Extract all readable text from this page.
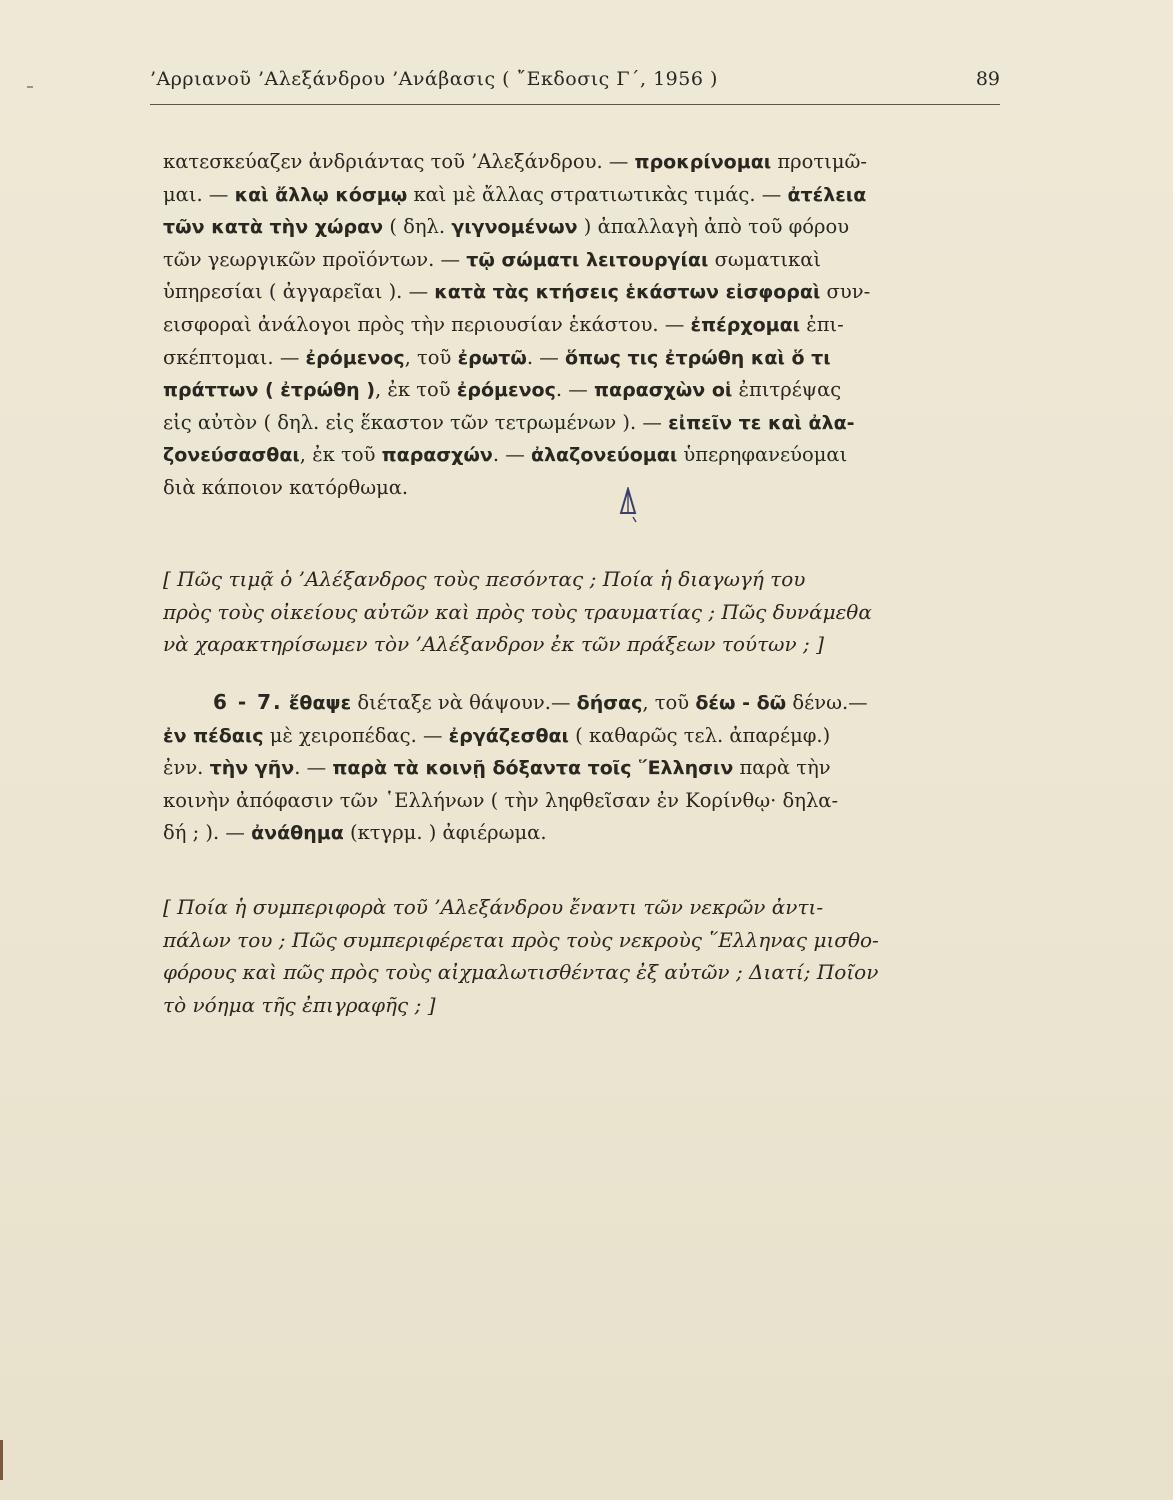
’Αρριανοῦ ’Αλεξάνδρου ’Ανάβασις ( ῎Εκδοσις Γ΄, 1956 )	89
κατεσκεύαζεν ἀνδριάντας τοῦ ’Αλεξάνδρου. — προκρίνομαι προτιμῶ-
μαι. — καὶ ἄλλῳ κόσμῳ καὶ μὲ ἄλλας στρατιωτικὰς τιμάς. — ἀτέλεια
τῶν κατὰ τὴν χώραν ( δηλ. γιγνομένων ) ἀπαλλαγὴ ἀπὸ τοῦ φόρου
τῶν γεωργικῶν προϊόντων. — τῷ σώματι λειτουργίαι σωματικαὶ
ὑπηρεσίαι ( ἀγγαρεῖαι ). — κατὰ τὰς κτήσεις ἑκάστων εἰσφοραὶ συν-
εισφοραὶ ἀνάλογοι πρὸς τὴν περιουσίαν ἑκάστου. — ἐπέρχομαι ἐπι-
σκέπτομαι. — ἐρόμενος, τοῦ ἐρωτῶ. — ὅπως τις ἐτρώθη καὶ ὅ τι
πράττων ( ἐτρώθη ), ἐκ τοῦ ἐρόμενος. — παρασχὼν οἱ ἐπιτρέψας
εἰς αὐτὸν ( δηλ. εἰς ἕκαστον τῶν τετρωμένων ). — εἰπεῖν τε καὶ ἀλα-
ζονεύσασθαι, ἐκ τοῦ παρασχών. — ἀλαζονεύομαι ὑπερηφανεύομαι
διὰ κάποιον κατόρθωμα.
[ Πῶς τιμᾷ ὁ ’Αλέξανδρος τοὺς πεσόντας ; Ποία ἡ διαγωγή του
πρὸς τοὺς οἰκείους αὐτῶν καὶ πρὸς τοὺς τραυματίας ; Πῶς δυνάμεθα
νὰ χαρακτηρίσωμεν τὸν ’Αλέξανδρον ἐκ τῶν πράξεων τούτων ; ]
6 - 7. ἔθαψε διέταξε νὰ θάψουν.— δήσας, τοῦ δέω - δῶ δένω.—
ἐν πέδαις μὲ χειροπέδας. — ἐργάζεσθαι ( καθαρῶς τελ. ἀπαρέμφ.)
ἐνν. τὴν γῆν. — παρὰ τὰ κοινῇ δόξαντα τοῖς ῞Ελλησιν παρὰ τὴν
κοινὴν ἀπόφασιν τῶν ῾Ελλήνων ( τὴν ληφθεῖσαν ἐν Κορίνθῳ· δηλα-
δή ; ). — ἀνάθημα (κτγρμ. ) ἀφιέρωμα.
[ Ποία ἡ συμπεριφορὰ τοῦ ’Αλεξάνδρου ἔναντι τῶν νεκρῶν ἀντι-
πάλων του ; Πῶς συμπεριφέρεται πρὸς τοὺς νεκροὺς ῞Ελληνας μισθο-
φόρους καὶ πῶς πρὸς τοὺς αἰχμαλωτισθέντας ἐξ αὐτῶν ; Διατί; Ποῖον
τὸ νόημα τῆς ἐπιγραφῆς ; ]
